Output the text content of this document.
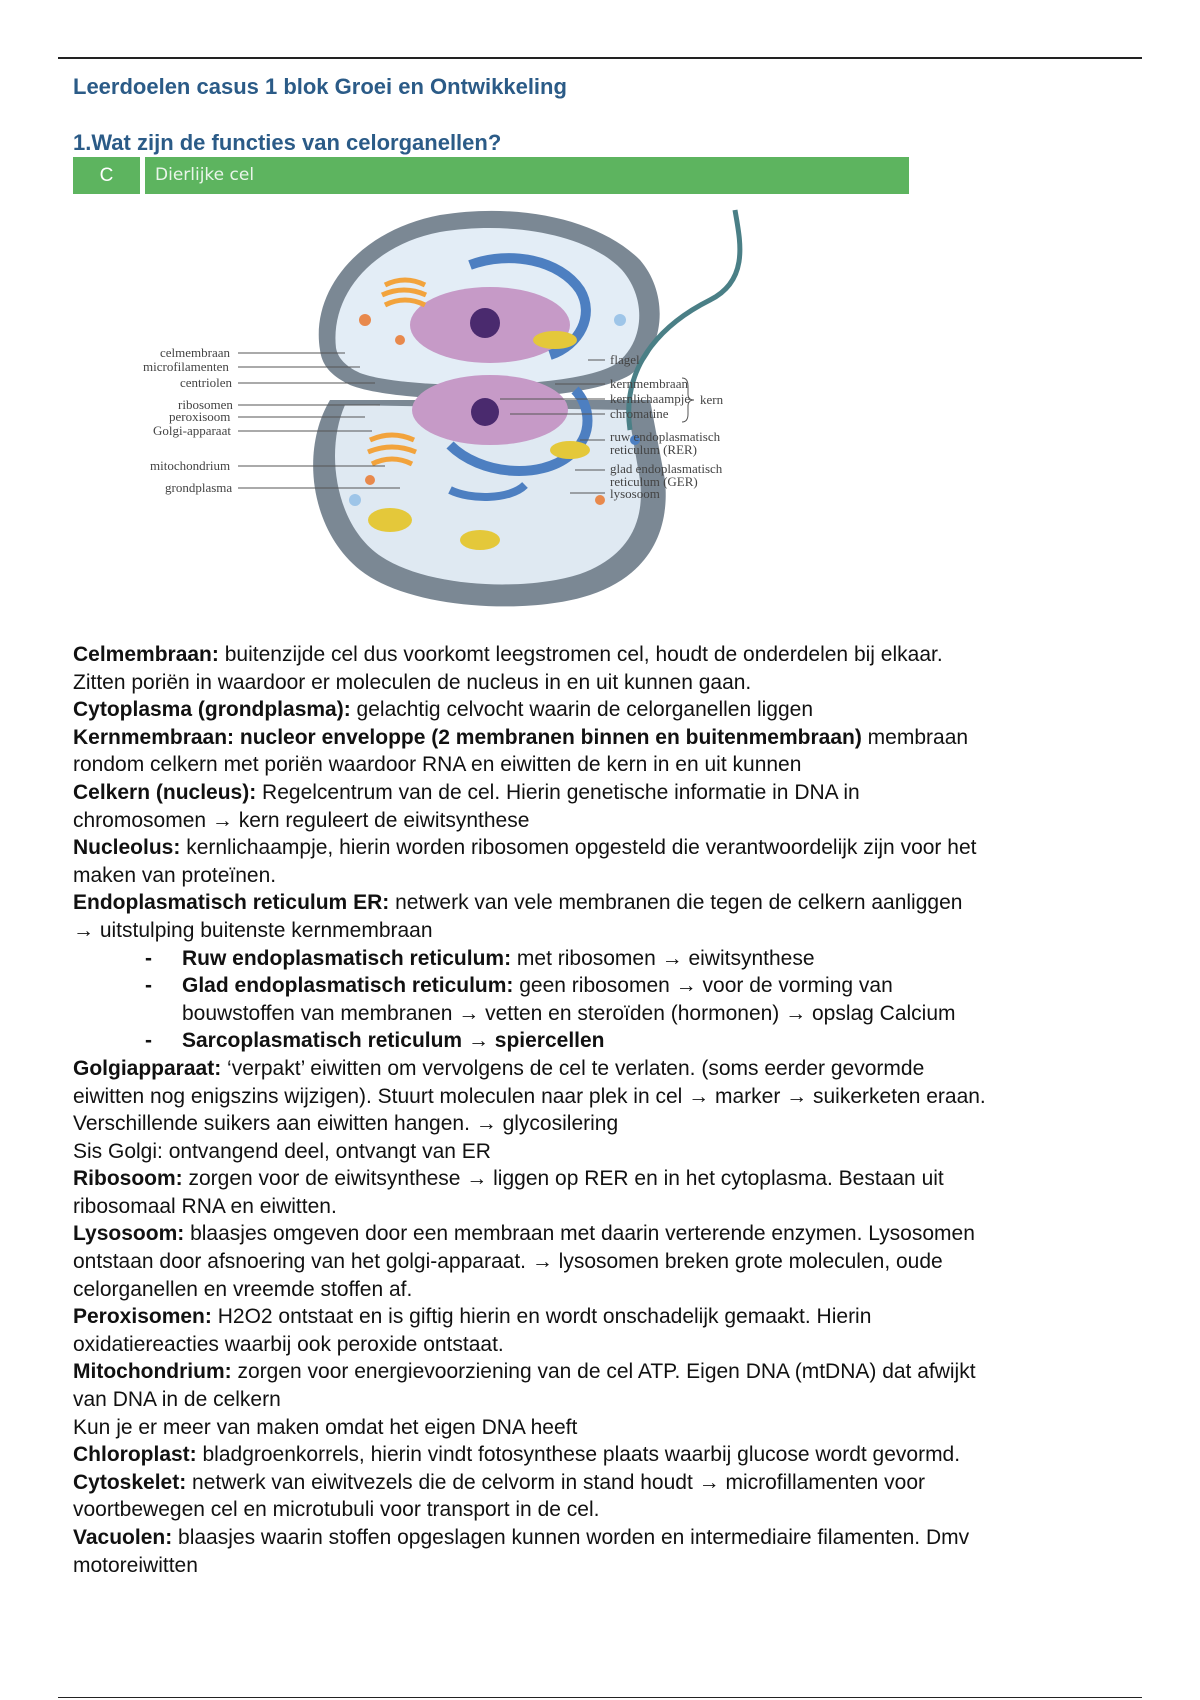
Leerdoelen casus 1 blok Groei en Ontwikkeling
1.Wat zijn de functies van celorganellen?
C	Dierlijke cel
celmembraan
microfilamenten
centriolen
ribosomen
peroxisoom
Golgi-apparaat
mitochondrium
grondplasma
flagel
kernmembraan
kernlichaampje
chromatine
ruw endoplasmatisch
reticulum (RER)
glad endoplasmatisch
reticulum (GER)
lysosoom
kern
Celmembraan: buitenzijde cel dus voorkomt leegstromen cel, houdt de onderdelen bij elkaar.
Zitten poriën in waardoor er moleculen de nucleus in en uit kunnen gaan.
Cytoplasma (grondplasma): gelachtig celvocht waarin de celorganellen liggen
Kernmembraan: nucleor enveloppe (2 membranen binnen en buitenmembraan) membraan
rondom celkern met poriën waardoor RNA en eiwitten de kern in en uit kunnen
Celkern (nucleus): Regelcentrum van de cel. Hierin genetische informatie in DNA in
chromosomen → kern reguleert de eiwitsynthese
Nucleolus: kernlichaampje, hierin worden ribosomen opgesteld die verantwoordelijk zijn voor het
maken van proteïnen.
Endoplasmatisch reticulum ER: netwerk van vele membranen die tegen de celkern aanliggen
→ uitstulping buitenste kernmembraan
- Ruw endoplasmatisch reticulum: met ribosomen → eiwitsynthese
- Glad endoplasmatisch reticulum: geen ribosomen → voor de vorming van
bouwstoffen van membranen → vetten en steroïden (hormonen) → opslag Calcium
- Sarcoplasmatisch reticulum → spiercellen
Golgiapparaat: ‘verpakt’ eiwitten om vervolgens de cel te verlaten. (soms eerder gevormde
eiwitten nog enigszins wijzigen). Stuurt moleculen naar plek in cel → marker → suikerketen eraan.
Verschillende suikers aan eiwitten hangen. → glycosilering
Sis Golgi: ontvangend deel, ontvangt van ER
Ribosoom: zorgen voor de eiwitsynthese → liggen op RER en in het cytoplasma. Bestaan uit
ribosomaal RNA en eiwitten.
Lysosoom: blaasjes omgeven door een membraan met daarin verterende enzymen. Lysosomen
ontstaan door afsnoering van het golgi-apparaat. → lysosomen breken grote moleculen, oude
celorganellen en vreemde stoffen af.
Peroxisomen: H2O2 ontstaat en is giftig hierin en wordt onschadelijk gemaakt. Hierin
oxidatiereacties waarbij ook peroxide ontstaat.
Mitochondrium: zorgen voor energievoorziening van de cel ATP. Eigen DNA (mtDNA) dat afwijkt
van DNA in de celkern
Kun je er meer van maken omdat het eigen DNA heeft
Chloroplast: bladgroenkorrels, hierin vindt fotosynthese plaats waarbij glucose wordt gevormd.
Cytoskelet: netwerk van eiwitvezels die de celvorm in stand houdt → microfillamenten voor
voortbewegen cel en microtubuli voor transport in de cel.
Vacuolen: blaasjes waarin stoffen opgeslagen kunnen worden en intermediaire filamenten. Dmv
motoreiwitten
